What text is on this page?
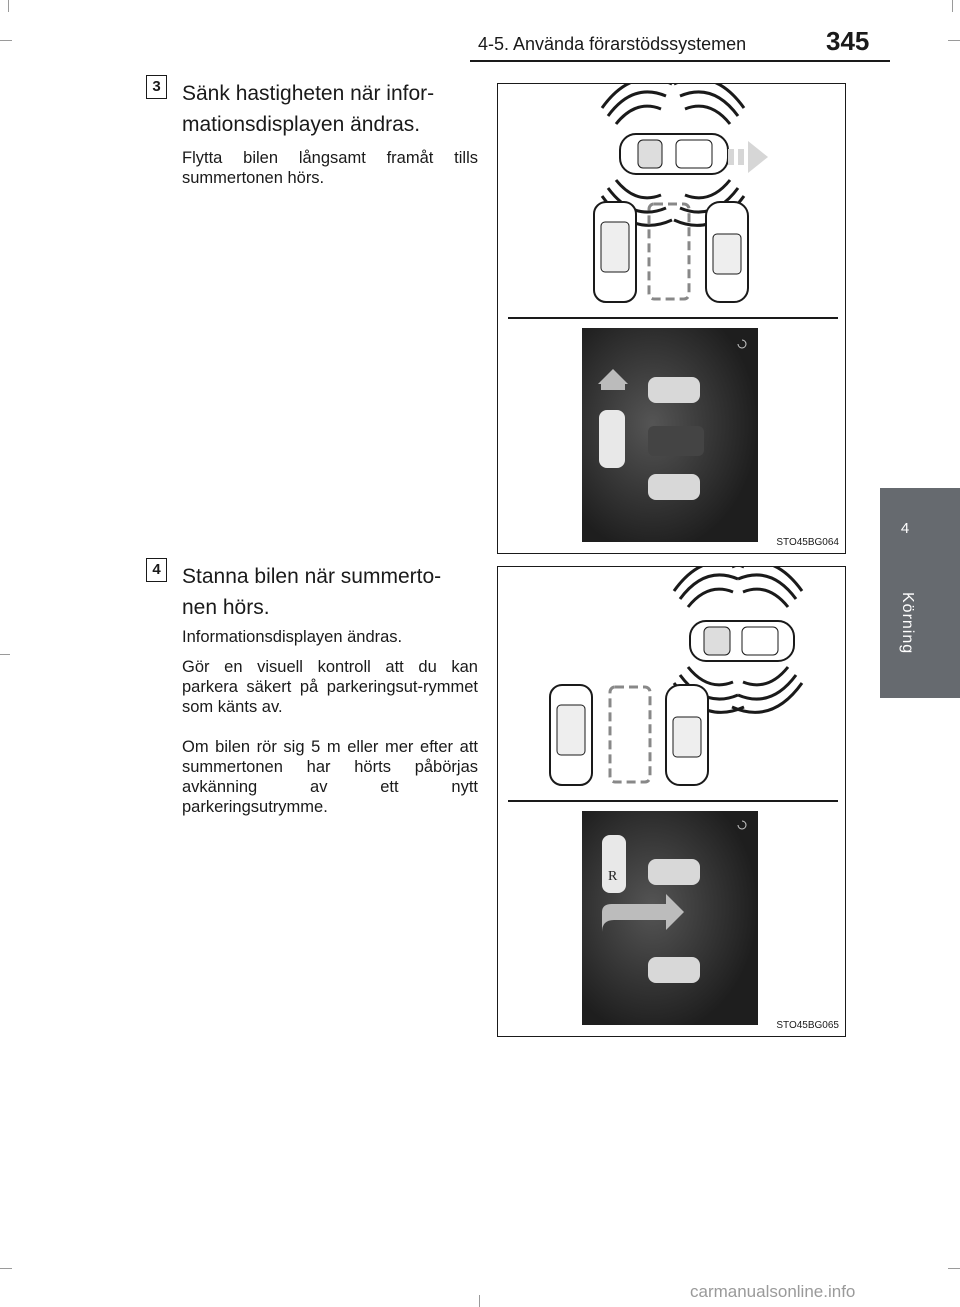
4-5. Använda förarstödssystemen	345
4
Körning
3	Sänk hastigheten när infor-
mationsdisplayen ändras.
Flytta bilen långsamt framåt tills summertonen hörs.
STO45BG064
4	Stanna bilen när summerto-
nen hörs.
Informationsdisplayen ändras.
Gör en visuell kontroll att du kan parkera säkert på parkeringsut-rymmet som känts av.
Om bilen rör sig 5 m eller mer efter att summertonen har hörts påbörjas avkänning av ett nytt parkeringsutrymme.
R
STO45BG065
carmanualsonline.info
